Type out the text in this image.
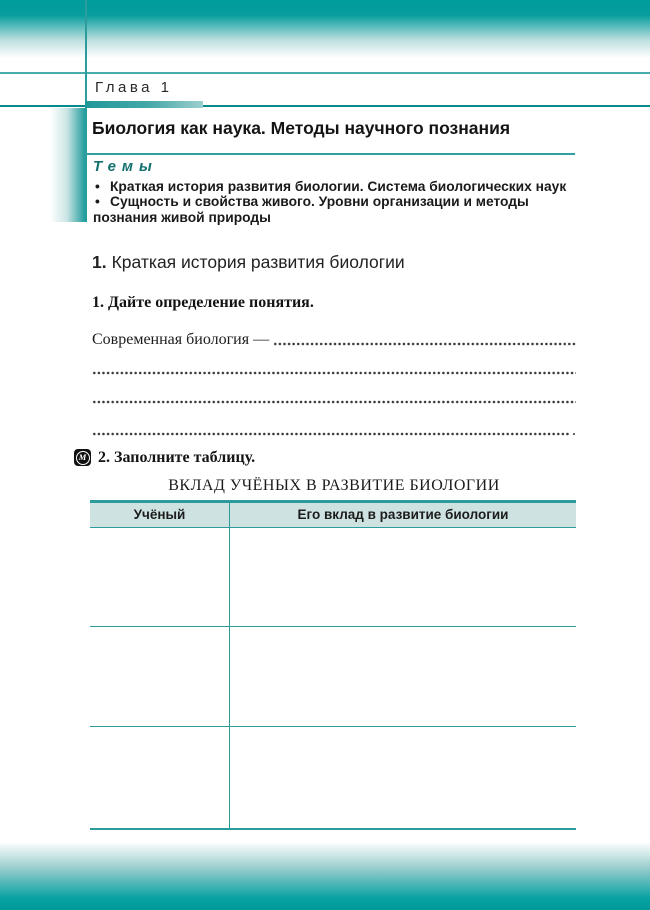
Глава 1
Биология как наука. Методы научного познания
Темы
• Краткая история развития биологии. Система биологических наук
• Сущность и свойства живого. Уровни организации и методы
познания живой природы
1. Краткая история развития биологии
1. Дайте определение понятия.
Современная биология —
.
М 2. Заполните таблицу.
ВКЛАД УЧЁНЫХ В РАЗВИТИЕ БИОЛОГИИ
Учёный	Его вклад в развитие биологии
